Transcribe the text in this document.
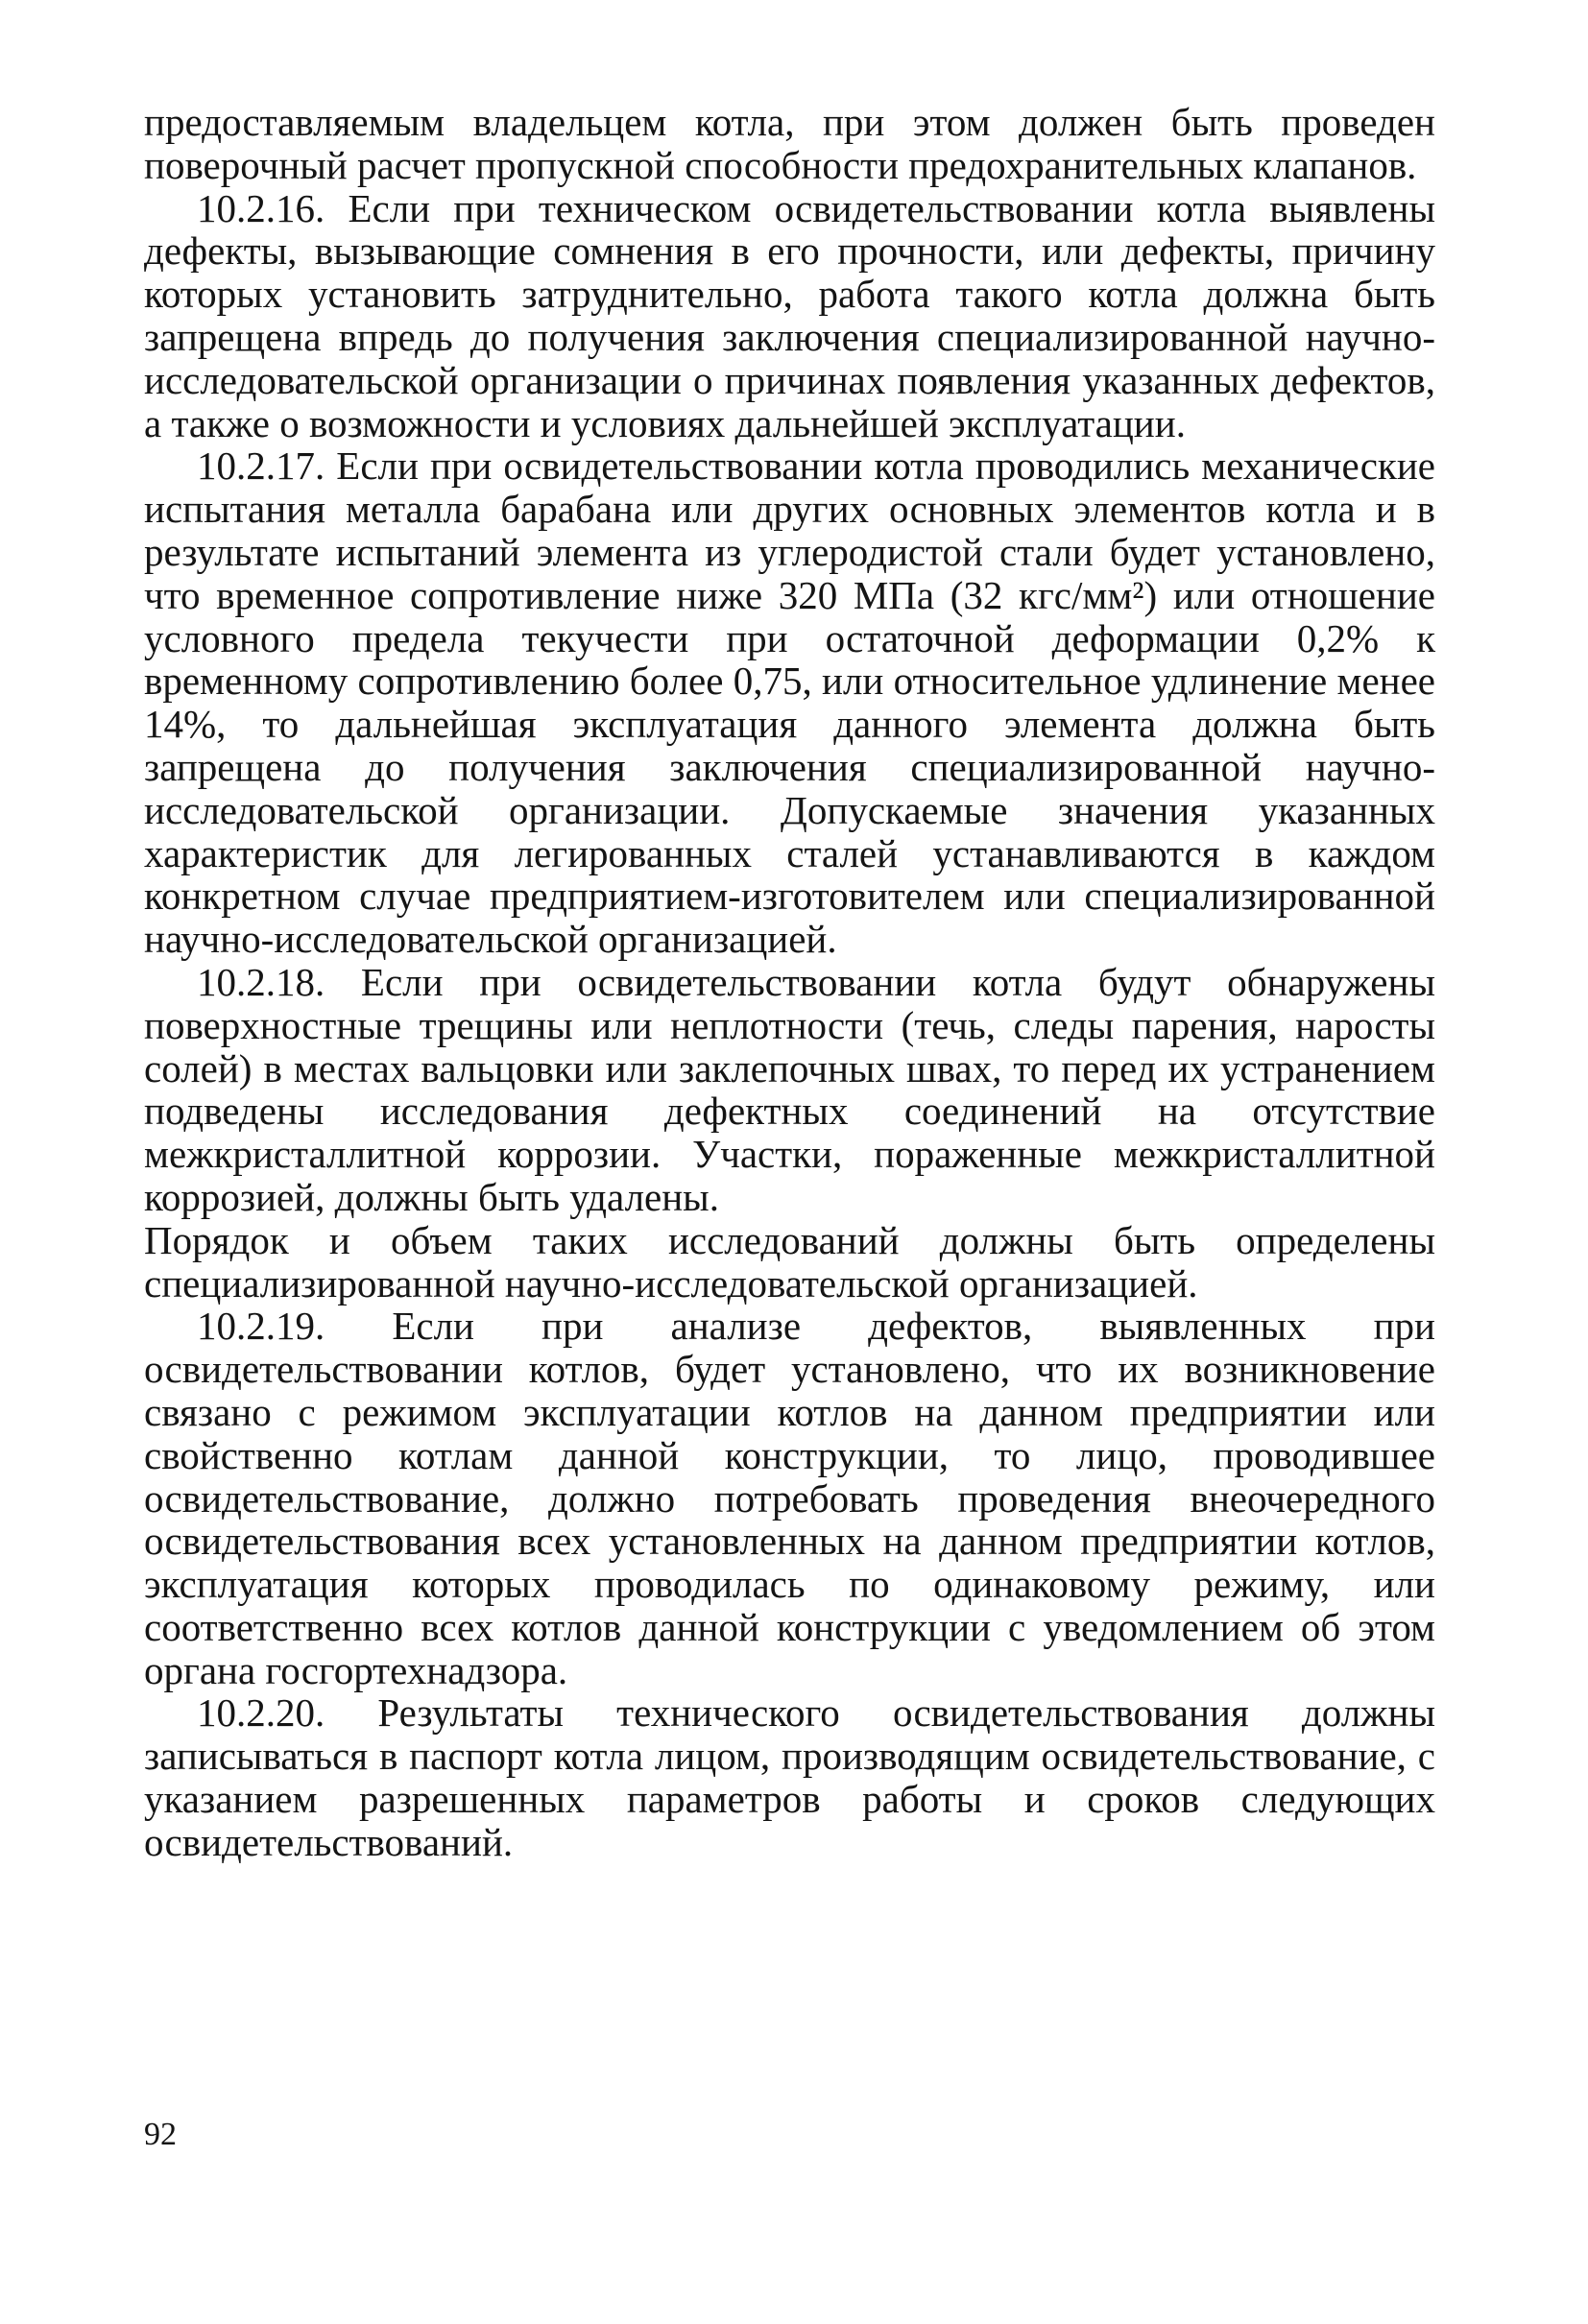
предоставляемым владельцем котла, при этом должен быть проведен поверочный расчет пропускной способности предохранительных клапанов.

10.2.16. Если при техническом освидетельствовании котла выявлены дефекты, вызывающие сомнения в его прочности, или дефекты, причину которых установить затруднительно, работа такого котла должна быть запрещена впредь до получения заключения специализированной научно-исследовательской организации о причинах появления указанных дефектов, а также о возможности и условиях дальнейшей эксплуатации.

10.2.17. Если при освидетельствовании котла проводились механические испытания металла барабана или других основных элементов котла и в результате испытаний элемента из углеродистой стали будет установлено, что временное сопротивление ниже 320 МПа (32 кгс/мм²) или отношение условного предела текучести при остаточной деформации 0,2% к временному сопротивлению более 0,75, или относительное удлинение менее 14%, то дальнейшая эксплуатация данного элемента должна быть запрещена до получения заключения специализированной научно-исследовательской организации. Допускаемые значения указанных характеристик для легированных сталей устанавливаются в каждом конкретном случае предприятием-изготовителем или специализированной научно-исследовательской организацией.

10.2.18. Если при освидетельствовании котла будут обнаружены поверхностные трещины или неплотности (течь, следы парения, наросты солей) в местах вальцовки или заклепочных швах, то перед их устранением подведены исследования дефектных соединений на отсутствие межкристаллитной коррозии. Участки, пораженные межкристаллитной коррозией, должны быть удалены.

Порядок и объем таких исследований должны быть определены специализированной научно-исследовательской организацией.

10.2.19. Если при анализе дефектов, выявленных при освидетельствовании котлов, будет установлено, что их возникновение связано с режимом эксплуатации котлов на данном предприятии или свойственно котлам данной конструкции, то лицо, проводившее освидетельствование, должно потребовать проведения внеочередного освидетельствования всех установленных на данном предприятии котлов, эксплуатация которых проводилась по одинаковому режиму, или соответственно всех котлов данной конструкции с уведомлением об этом органа госгортехнадзора.

10.2.20. Результаты технического освидетельствования должны записываться в паспорт котла лицом, производящим освидетельствование, с указанием разрешенных параметров работы и сроков следующих освидетельствований.

92
